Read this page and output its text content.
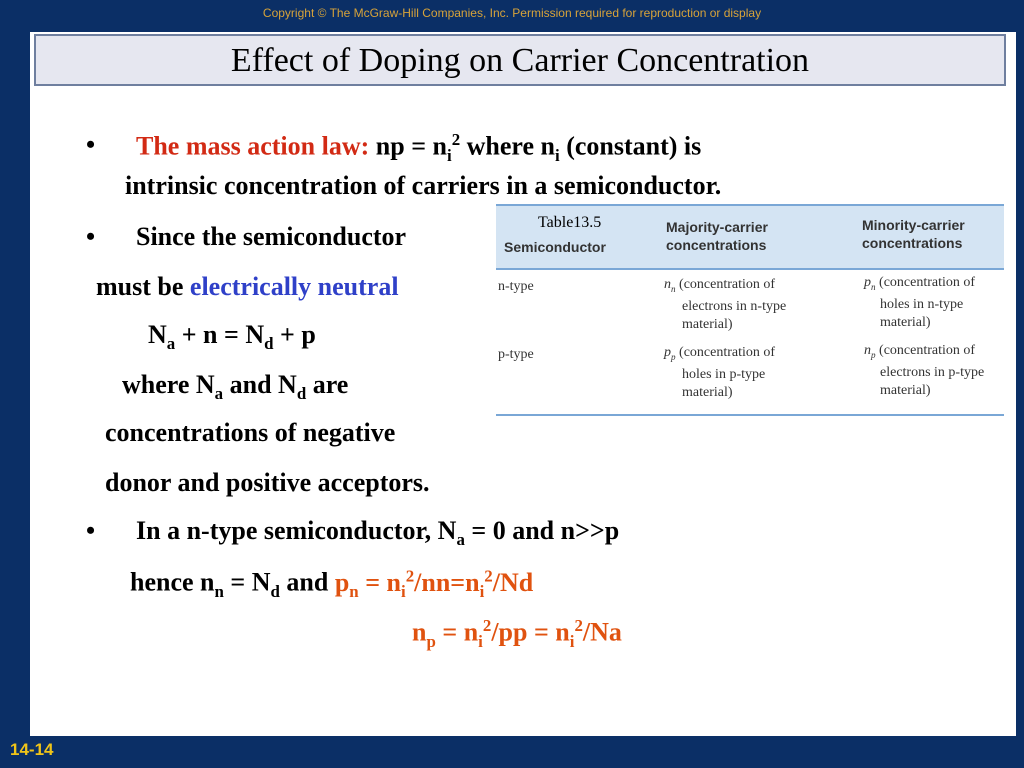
Copyright © The McGraw-Hill Companies, Inc. Permission required for reproduction or display
Effect of Doping on Carrier Concentration
• The mass action law: np = $n_i^2$ where $n_i$ (constant) is
intrinsic concentration of carriers in a semiconductor.
• Since the semiconductor
must be electrically neutral
$N_a + n = N_d + p$
where $N_a$ and $N_d$ are
concentrations of negative
donor and positive acceptors.
• In a n-type semiconductor, $N_a = 0$ and n>>p
hence $n_n = N_d$ and $p_n = n_i^2/nn=n_i^2/Nd$
$n_p = n_i^2/pp = n_i^2/Na$
Table13.5
Semiconductor
Majority-carrier
concentrations
Minority-carrier
concentrations
n-type	$n_n$ (concentration of
electrons in n-type
material)
$p_n$ (concentration of
holes in n-type
material)
p-type	$p_p$ (concentration of
holes in p-type
material)
$n_p$ (concentration of
electrons in p-type
material)
14-14
